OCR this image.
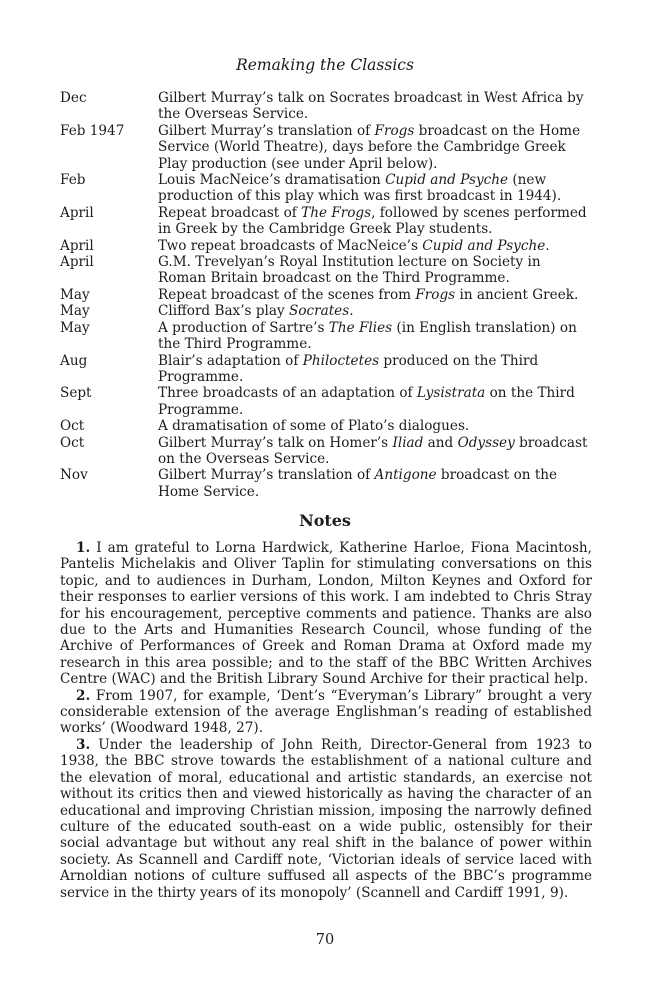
Remaking the Classics
Dec	Gilbert Murray’s talk on Socrates broadcast in West Africa by the Overseas Service.
Feb 1947	Gilbert Murray’s translation of Frogs broadcast on the Home Service (World Theatre), days before the Cambridge Greek Play production (see under April below).
Feb	Louis MacNeice’s dramatisation Cupid and Psyche (new production of this play which was first broadcast in 1944).
April	Repeat broadcast of The Frogs, followed by scenes performed in Greek by the Cambridge Greek Play students.
April	Two repeat broadcasts of MacNeice’s Cupid and Psyche.
April	G.M. Trevelyan’s Royal Institution lecture on Society in Roman Britain broadcast on the Third Programme.
May	Repeat broadcast of the scenes from Frogs in ancient Greek.
May	Clifford Bax’s play Socrates.
May	A production of Sartre’s The Flies (in English translation) on the Third Programme.
Aug	Blair’s adaptation of Philoctetes produced on the Third Programme.
Sept	Three broadcasts of an adaptation of Lysistrata on the Third Programme.
Oct	A dramatisation of some of Plato’s dialogues.
Oct	Gilbert Murray’s talk on Homer’s Iliad and Odyssey broadcast on the Overseas Service.
Nov	Gilbert Murray’s translation of Antigone broadcast on the Home Service.
Notes

1. I am grateful to Lorna Hardwick, Katherine Harloe, Fiona Macintosh, Pantelis Michelakis and Oliver Taplin for stimulating conversations on this topic, and to audiences in Durham, London, Milton Keynes and Oxford for their responses to earlier versions of this work. I am indebted to Chris Stray for his encouragement, perceptive comments and patience. Thanks are also due to the Arts and Humanities Research Council, whose funding of the Archive of Performances of Greek and Roman Drama at Oxford made my research in this area possible; and to the staff of the BBC Written Archives Centre (WAC) and the British Library Sound Archive for their practical help.

2. From 1907, for example, ‘Dent’s “Everyman’s Library” brought a very considerable extension of the average Englishman’s reading of established works’ (Woodward 1948, 27).

3. Under the leadership of John Reith, Director-General from 1923 to 1938, the BBC strove towards the establishment of a national culture and the elevation of moral, educational and artistic standards, an exercise not without its critics then and viewed historically as having the character of an educational and improving Christian mission, imposing the narrowly defined culture of the educated south-east on a wide public, ostensibly for their social advantage but without any real shift in the balance of power within society. As Scannell and Cardiff note, ‘Victorian ideals of service laced with Arnoldian notions of culture suffused all aspects of the BBC’s programme service in the thirty years of its monopoly’ (Scannell and Cardiff 1991, 9).

70
